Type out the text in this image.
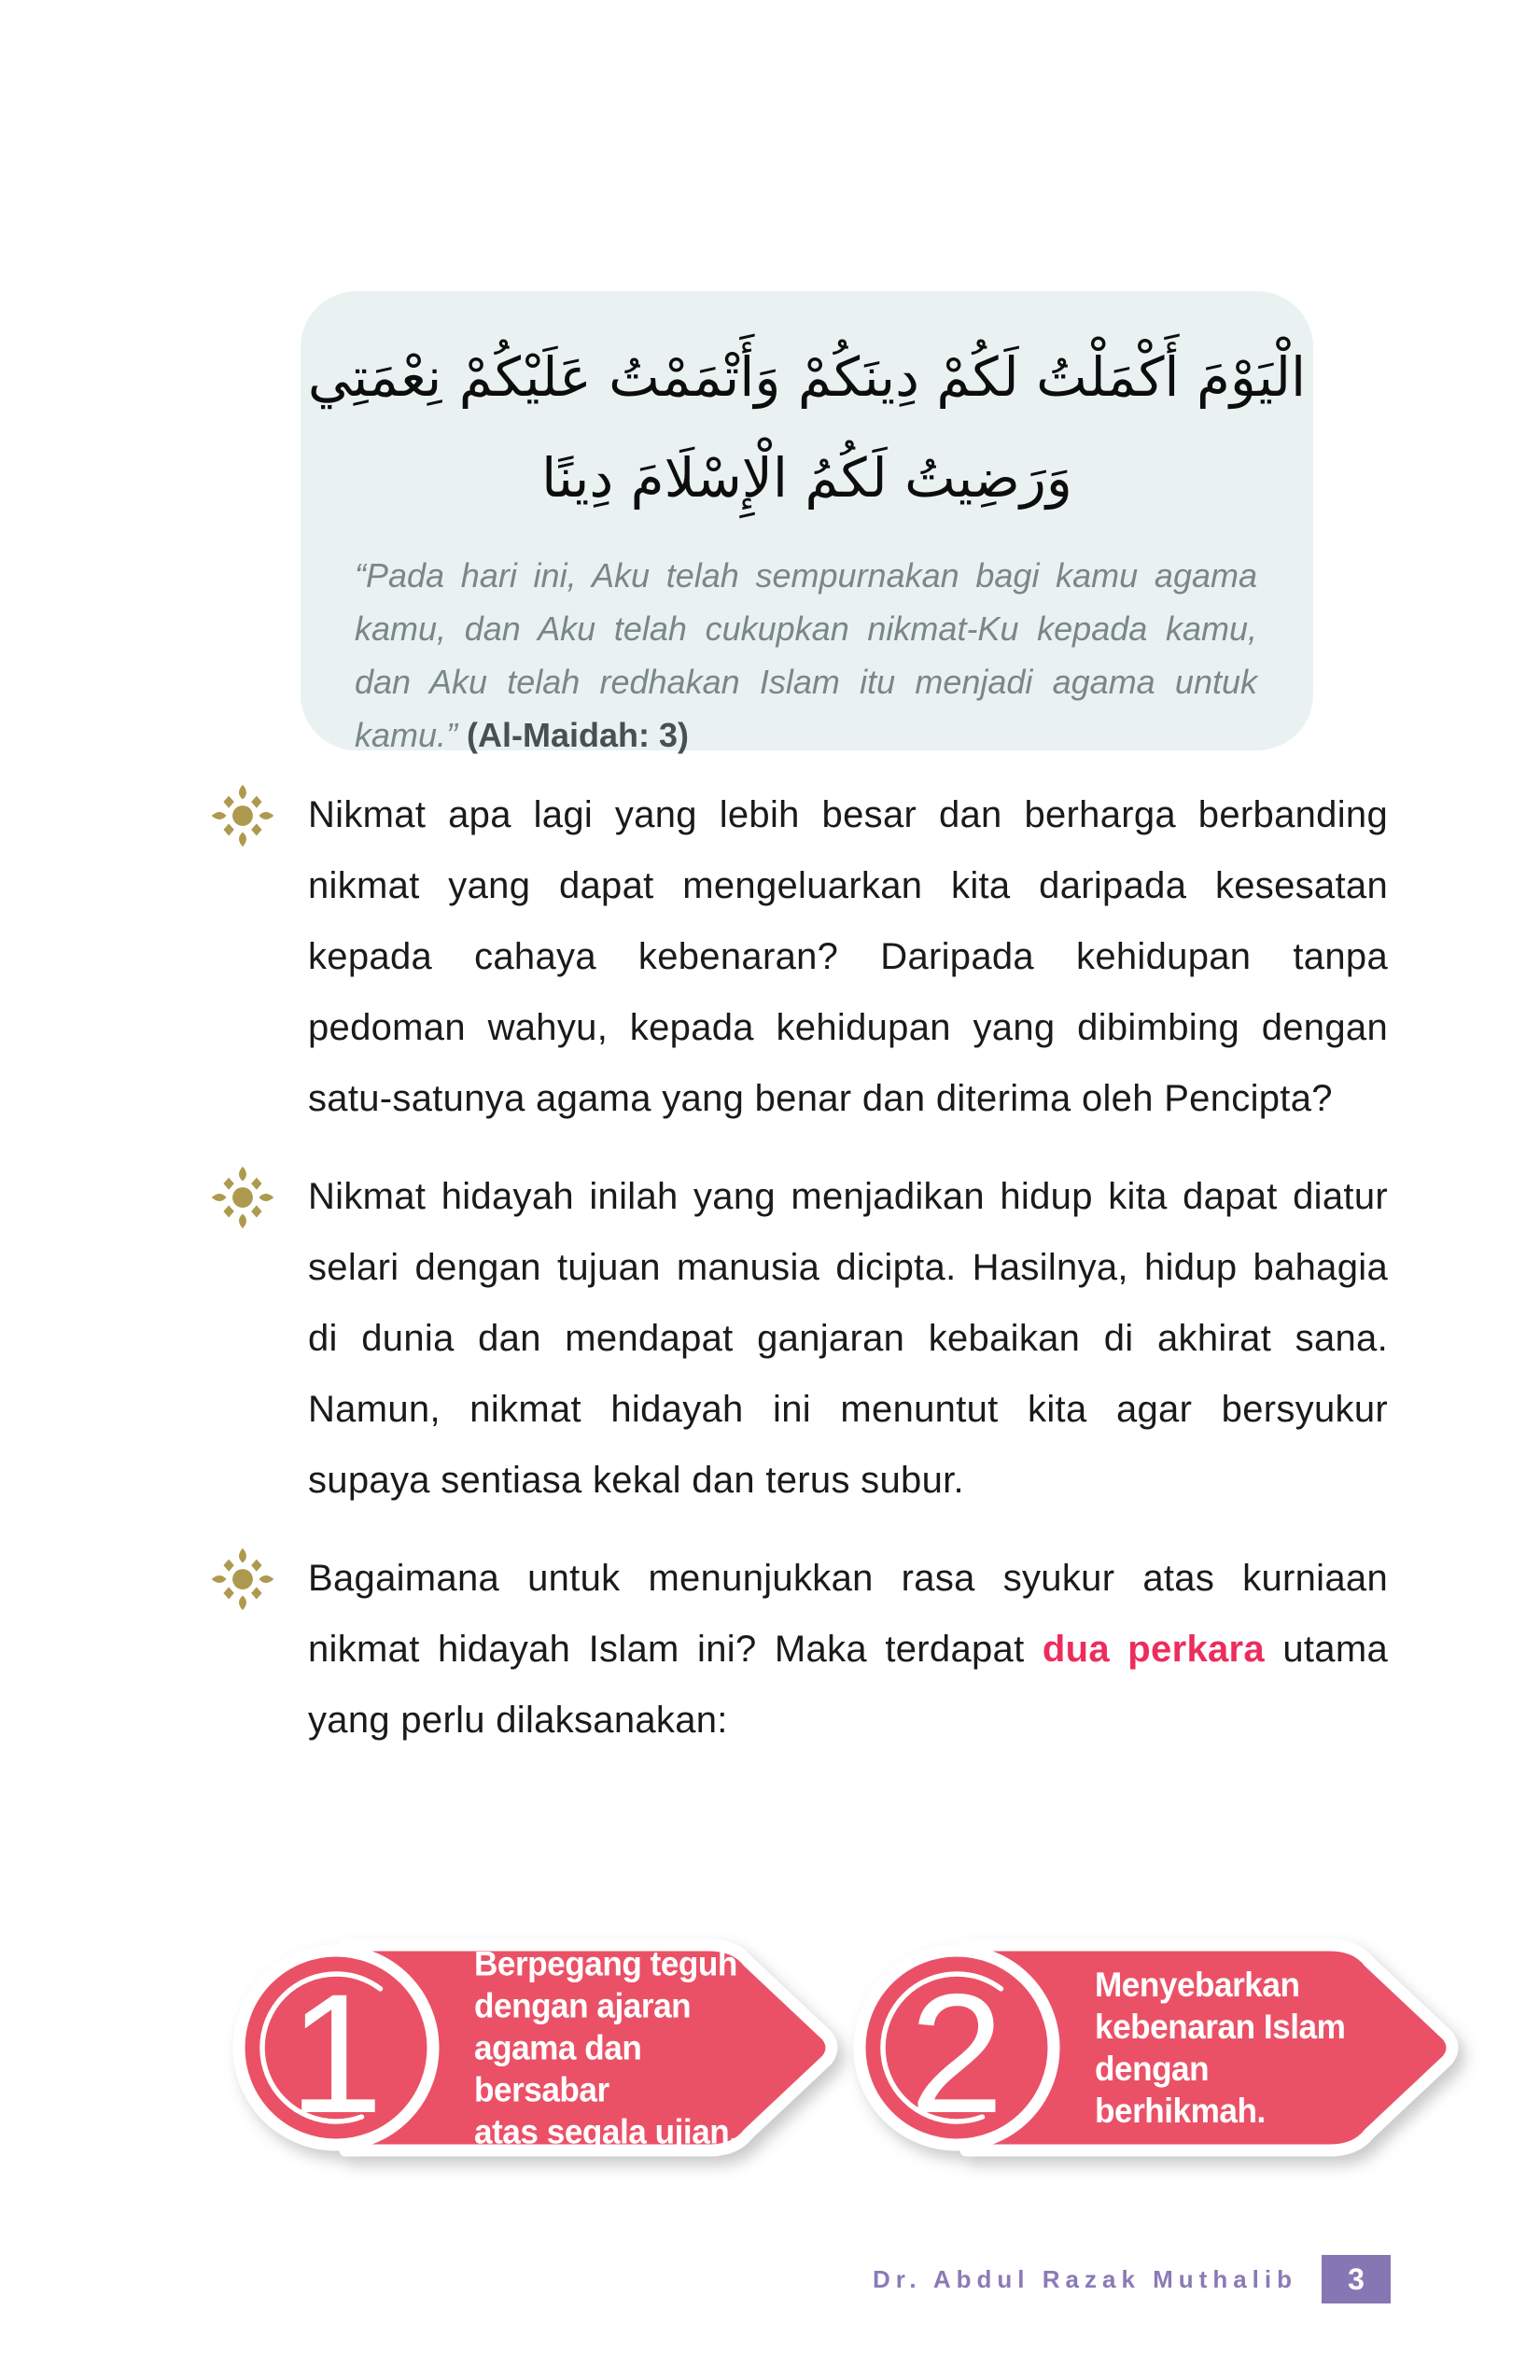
الْيَوْمَ أَكْمَلْتُ لَكُمْ دِينَكُمْ وَأَتْمَمْتُ عَلَيْكُمْ نِعْمَتِي
وَرَضِيتُ لَكُمُ الْإِسْلَامَ دِينًا

“Pada hari ini, Aku telah sempurnakan bagi kamu agama kamu, dan Aku telah cukupkan nikmat-Ku kepada kamu, dan Aku telah redhakan Islam itu menjadi agama untuk kamu.” (Al-Maidah: 3)

Nikmat apa lagi yang lebih besar dan berharga berbanding nikmat yang dapat mengeluarkan kita daripada kesesatan kepada cahaya kebenaran? Daripada kehidupan tanpa pedoman wahyu, kepada kehidupan yang dibimbing dengan satu-satunya agama yang benar dan diterima oleh Pencipta?

Nikmat hidayah inilah yang menjadikan hidup kita dapat diatur selari dengan tujuan manusia dicipta. Hasilnya, hidup bahagia di dunia dan mendapat ganjaran kebaikan di akhirat sana. Namun, nikmat hidayah ini menuntut kita agar bersyukur supaya sentiasa kekal dan terus subur.

Bagaimana untuk menunjukkan rasa syukur atas kurniaan nikmat hidayah Islam ini? Maka terdapat dua perkara utama yang perlu dilaksanakan:

1	Berpegang teguh
dengan ajaran
agama dan bersabar
atas segala ujian. 2	Menyebarkan
kebenaran Islam
dengan berhikmah.
Dr. Abdul Razak Muthalib	3
